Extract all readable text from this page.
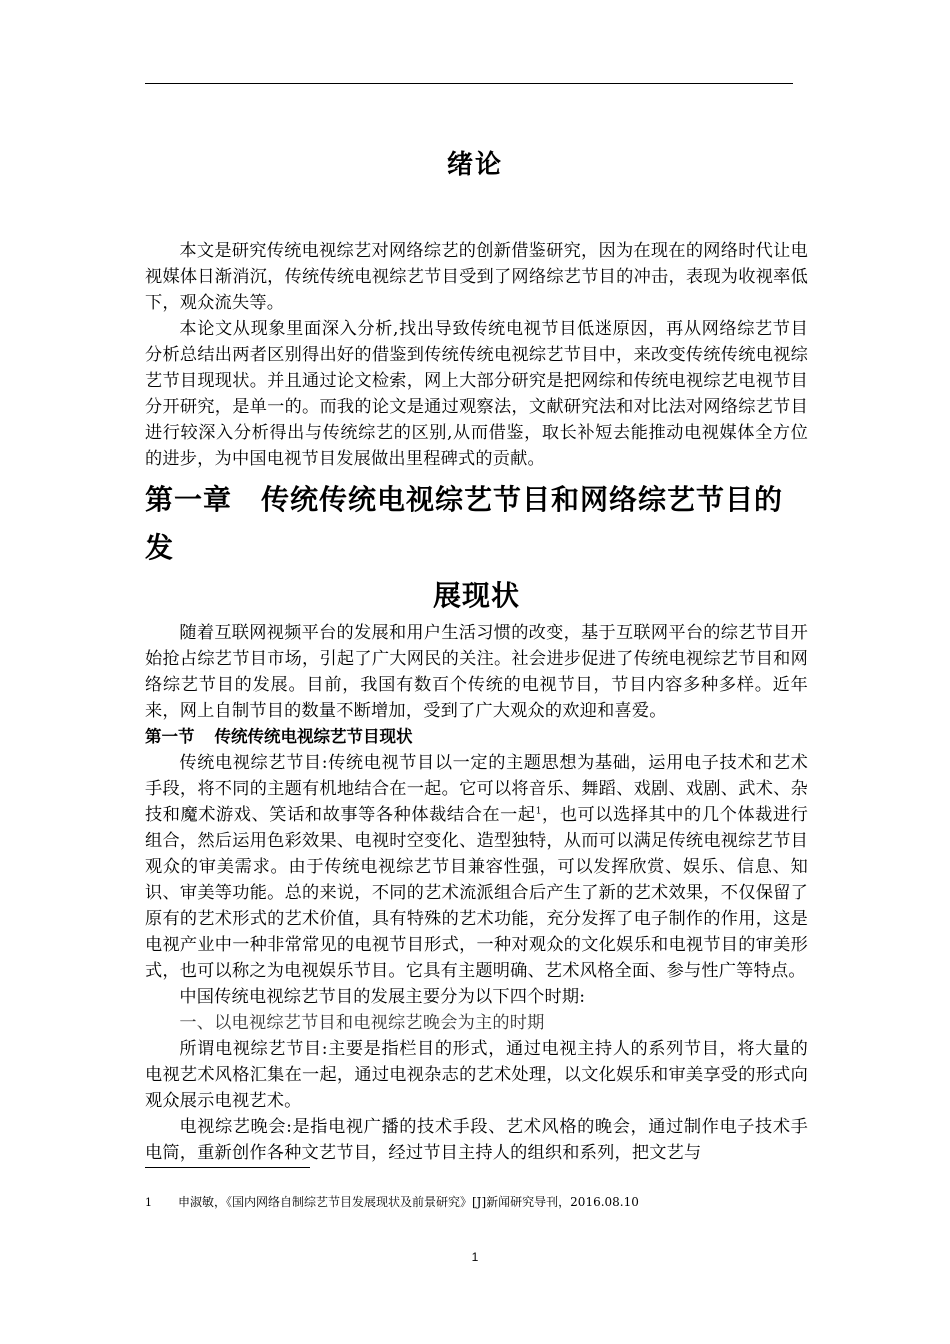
绪论

本文是研究传统电视综艺对网络综艺的创新借鉴研究，因为在现在的网络时代让电视媒体日渐消沉，传统传统电视综艺节目受到了网络综艺节目的冲击，表现为收视率低下，观众流失等。

本论文从现象里面深入分析,找出导致传统电视节目低迷原因，再从网络综艺节目分析总结出两者区别得出好的借鉴到传统传统电视综艺节目中，来改变传统传统电视综艺节目现现状。并且通过论文检索，网上大部分研究是把网综和传统电视综艺电视节目分开研究，是单一的。而我的论文是通过观察法，文献研究法和对比法对网络综艺节目进行较深入分析得出与传统综艺的区别,从而借鉴，取长补短去能推动电视媒体全方位的进步，为中国电视节目发展做出里程碑式的贡献。

第一章　传统传统电视综艺节目和网络综艺节目的发
展现状

随着互联网视频平台的发展和用户生活习惯的改变，基于互联网平台的综艺节目开始抢占综艺节目市场，引起了广大网民的关注。社会进步促进了传统电视综艺节目和网络综艺节目的发展。目前，我国有数百个传统的电视节目，节目内容多种多样。近年来，网上自制节目的数量不断增加，受到了广大观众的欢迎和喜爱。

第一节 传统传统电视综艺节目现状

传统电视综艺节目:传统电视节目以一定的主题思想为基础，运用电子技术和艺术手段，将不同的主题有机地结合在一起。它可以将音乐、舞蹈、戏剧、戏剧、武术、杂技和魔术游戏、笑话和故事等各种体裁结合在一起$^1$，也可以选择其中的几个体裁进行组合，然后运用色彩效果、电视时空变化、造型独特，从而可以满足传统电视综艺节目观众的审美需求。由于传统电视综艺节目兼容性强，可以发挥欣赏、娱乐、信息、知识、审美等功能。总的来说，不同的艺术流派组合后产生了新的艺术效果，不仅保留了原有的艺术形式的艺术价值，具有特殊的艺术功能，充分发挥了电子制作的作用，这是电视产业中一种非常常见的电视节目形式，一种对观众的文化娱乐和电视节目的审美形式，也可以称之为电视娱乐节目。它具有主题明确、艺术风格全面、参与性广等特点。

中国传统电视综艺节目的发展主要分为以下四个时期:

一、以电视综艺节目和电视综艺晚会为主的时期

所谓电视综艺节目:主要是指栏目的形式，通过电视主持人的系列节目，将大量的电视艺术风格汇集在一起，通过电视杂志的艺术处理，以文化娱乐和审美享受的形式向观众展示电视艺术。

电视综艺晚会:是指电视广播的技术手段、艺术风格的晚会，通过制作电子技术手电筒，重新创作各种文艺节目，经过节目主持人的组织和系列，把文艺与

1 申淑敏，《国内网络自制综艺节目发展现状及前景研究》[J]新闻研究导刊，2016.08.10
1
